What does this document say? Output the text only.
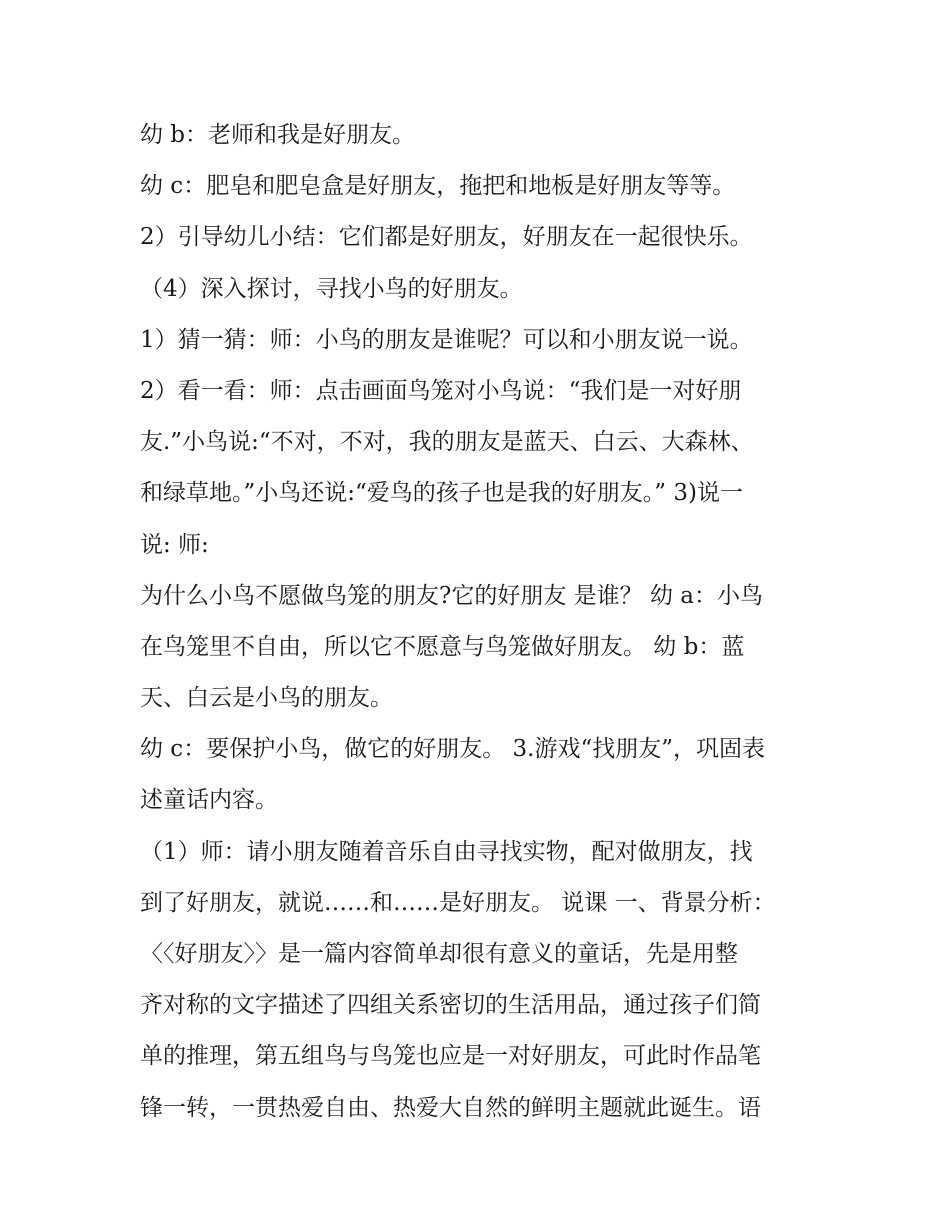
幼 b：老师和我是好朋友。
幼 c：肥皂和肥皂盒是好朋友，拖把和地板是好朋友等等。
2）引导幼儿小结：它们都是好朋友，好朋友在一起很快乐。
（4）深入探讨，寻找小鸟的好朋友。
1）猜一猜：师：小鸟的朋友是谁呢？可以和小朋友说一说。
2）看一看：师：点击画面鸟笼对小鸟说：“我们是一对好朋
友.”小鸟说:“不对，不对，我的朋友是蓝天、白云、大森林、
和绿草地。”小鸟还说:“爱鸟的孩子也是我的好朋友。” 3)说一
说: 师:
为什么小鸟不愿做鸟笼的朋友?它的好朋友 是谁？ 幼 a：小鸟
在鸟笼里不自由，所以它不愿意与鸟笼做好朋友。 幼 b：蓝
天、白云是小鸟的朋友。
幼 c：要保护小鸟，做它的好朋友。 3.游戏“找朋友”，巩固表
述童话内容。
（1）师：请小朋友随着音乐自由寻找实物，配对做朋友，找
到了好朋友，就说……和……是好朋友。 说课 一、背景分析：
〈〈好朋友〉〉是一篇内容简单却很有意义的童话，先是用整
齐对称的文字描述了四组关系密切的生活用品，通过孩子们简
单的推理，第五组鸟与鸟笼也应是一对好朋友，可此时作品笔
锋一转，一贯热爱自由、热爱大自然的鲜明主题就此诞生。语
